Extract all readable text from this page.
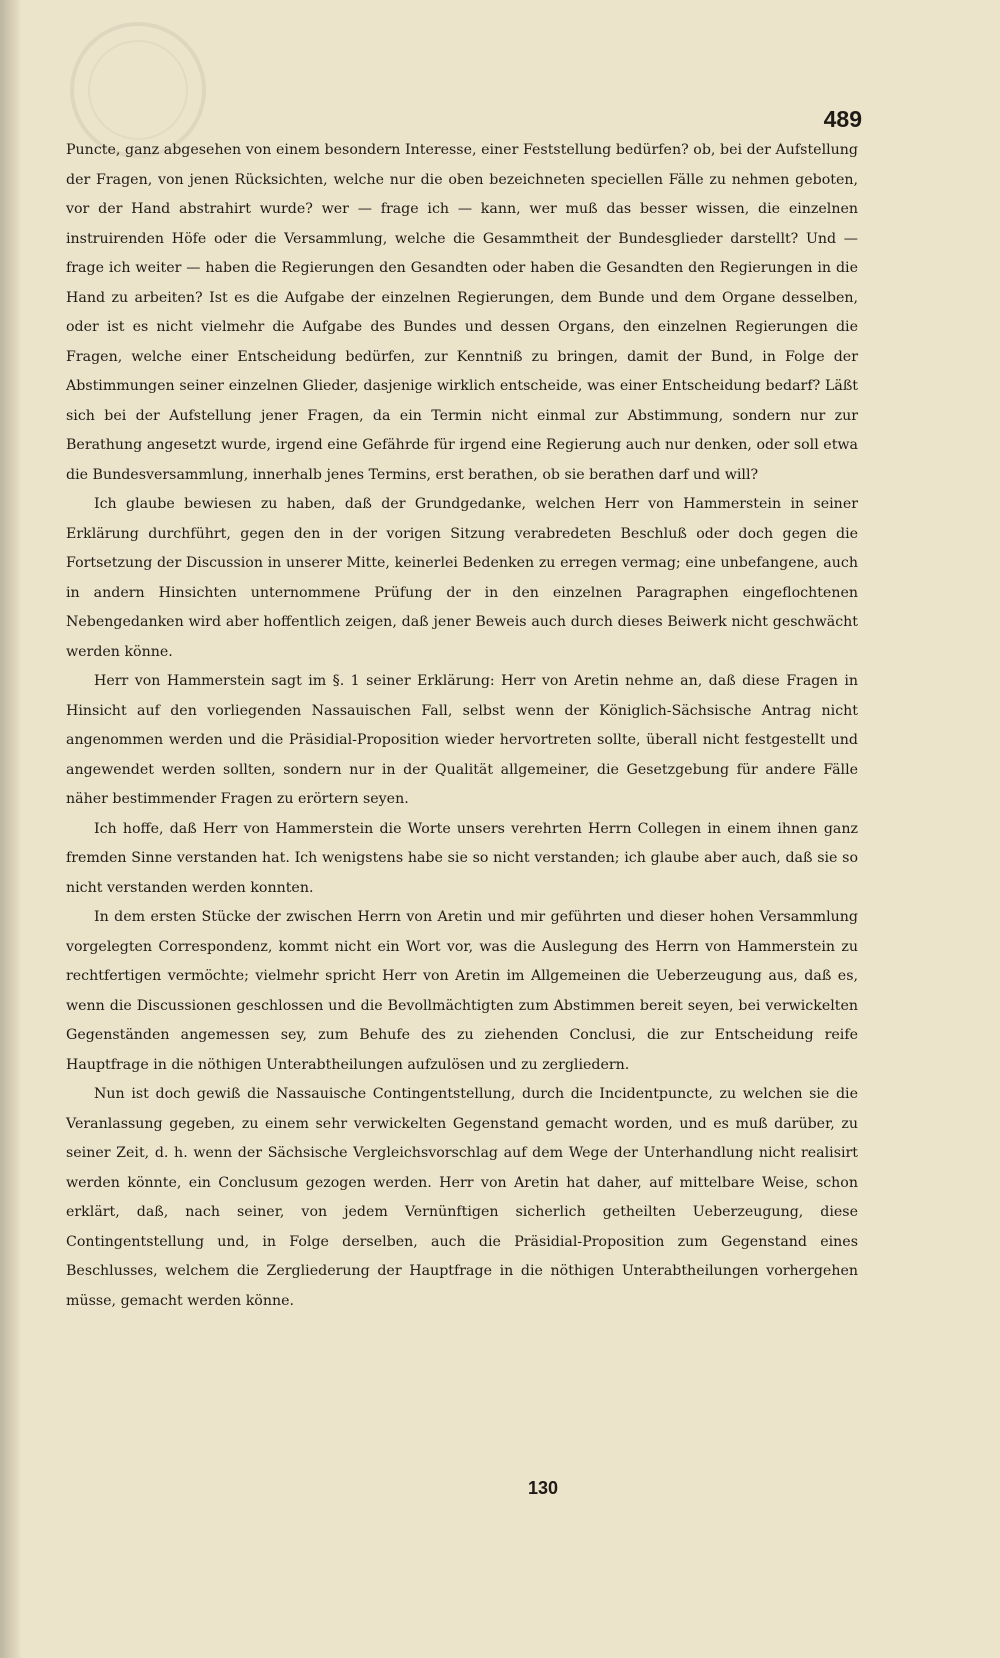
489

Puncte, ganz abgesehen von einem besondern Interesse, einer Feststellung bedürfen? ob, bei der Aufstellung der Fragen, von jenen Rücksichten, welche nur die oben bezeichneten speciellen Fälle zu nehmen geboten, vor der Hand abstrahirt wurde? wer — frage ich — kann, wer muß das besser wissen, die einzelnen instruirenden Höfe oder die Versammlung, welche die Gesammtheit der Bundesglieder darstellt? Und — frage ich weiter — haben die Regierungen den Gesandten oder haben die Gesandten den Regierungen in die Hand zu arbeiten? Ist es die Aufgabe der einzelnen Regierungen, dem Bunde und dem Organe desselben, oder ist es nicht vielmehr die Aufgabe des Bundes und dessen Organs, den einzelnen Regierungen die Fragen, welche einer Entscheidung bedürfen, zur Kenntniß zu bringen, damit der Bund, in Folge der Abstimmungen seiner einzelnen Glieder, dasjenige wirklich entscheide, was einer Entscheidung bedarf? Läßt sich bei der Aufstellung jener Fragen, da ein Termin nicht einmal zur Abstimmung, sondern nur zur Berathung angesetzt wurde, irgend eine Gefährde für irgend eine Regierung auch nur denken, oder soll etwa die Bundesversammlung, innerhalb jenes Termins, erst berathen, ob sie berathen darf und will?

Ich glaube bewiesen zu haben, daß der Grundgedanke, welchen Herr von Hammerstein in seiner Erklärung durchführt, gegen den in der vorigen Sitzung verabredeten Beschluß oder doch gegen die Fortsetzung der Discussion in unserer Mitte, keinerlei Bedenken zu erregen vermag; eine unbefangene, auch in andern Hinsichten unternommene Prüfung der in den einzelnen Paragraphen eingeflochtenen Nebengedanken wird aber hoffentlich zeigen, daß jener Beweis auch durch dieses Beiwerk nicht geschwächt werden könne.

Herr von Hammerstein sagt im §. 1 seiner Erklärung: Herr von Aretin nehme an, daß diese Fragen in Hinsicht auf den vorliegenden Nassauischen Fall, selbst wenn der Königlich-Sächsische Antrag nicht angenommen werden und die Präsidial-Proposition wieder hervortreten sollte, überall nicht festgestellt und angewendet werden sollten, sondern nur in der Qualität allgemeiner, die Gesetzgebung für andere Fälle näher bestimmender Fragen zu erörtern seyen.

Ich hoffe, daß Herr von Hammerstein die Worte unsers verehrten Herrn Collegen in einem ihnen ganz fremden Sinne verstanden hat. Ich wenigstens habe sie so nicht verstanden; ich glaube aber auch, daß sie so nicht verstanden werden konnten.

In dem ersten Stücke der zwischen Herrn von Aretin und mir geführten und dieser hohen Versammlung vorgelegten Correspondenz, kommt nicht ein Wort vor, was die Auslegung des Herrn von Hammerstein zu rechtfertigen vermöchte; vielmehr spricht Herr von Aretin im Allgemeinen die Ueberzeugung aus, daß es, wenn die Discussionen geschlossen und die Bevollmächtigten zum Abstimmen bereit seyen, bei verwickelten Gegenständen angemessen sey, zum Behufe des zu ziehenden Conclusi, die zur Entscheidung reife Hauptfrage in die nöthigen Unterabtheilungen aufzulösen und zu zergliedern.

Nun ist doch gewiß die Nassauische Contingentstellung, durch die Incidentpuncte, zu welchen sie die Veranlassung gegeben, zu einem sehr verwickelten Gegenstand gemacht worden, und es muß darüber, zu seiner Zeit, d. h. wenn der Sächsische Vergleichsvorschlag auf dem Wege der Unterhandlung nicht realisirt werden könnte, ein Conclusum gezogen werden. Herr von Aretin hat daher, auf mittelbare Weise, schon erklärt, daß, nach seiner, von jedem Vernünftigen sicherlich getheilten Ueberzeugung, diese Contingentstellung und, in Folge derselben, auch die Präsidial-Proposition zum Gegenstand eines Beschlusses, welchem die Zergliederung der Hauptfrage in die nöthigen Unterabtheilungen vorhergehen müsse, gemacht werden könne.

130
